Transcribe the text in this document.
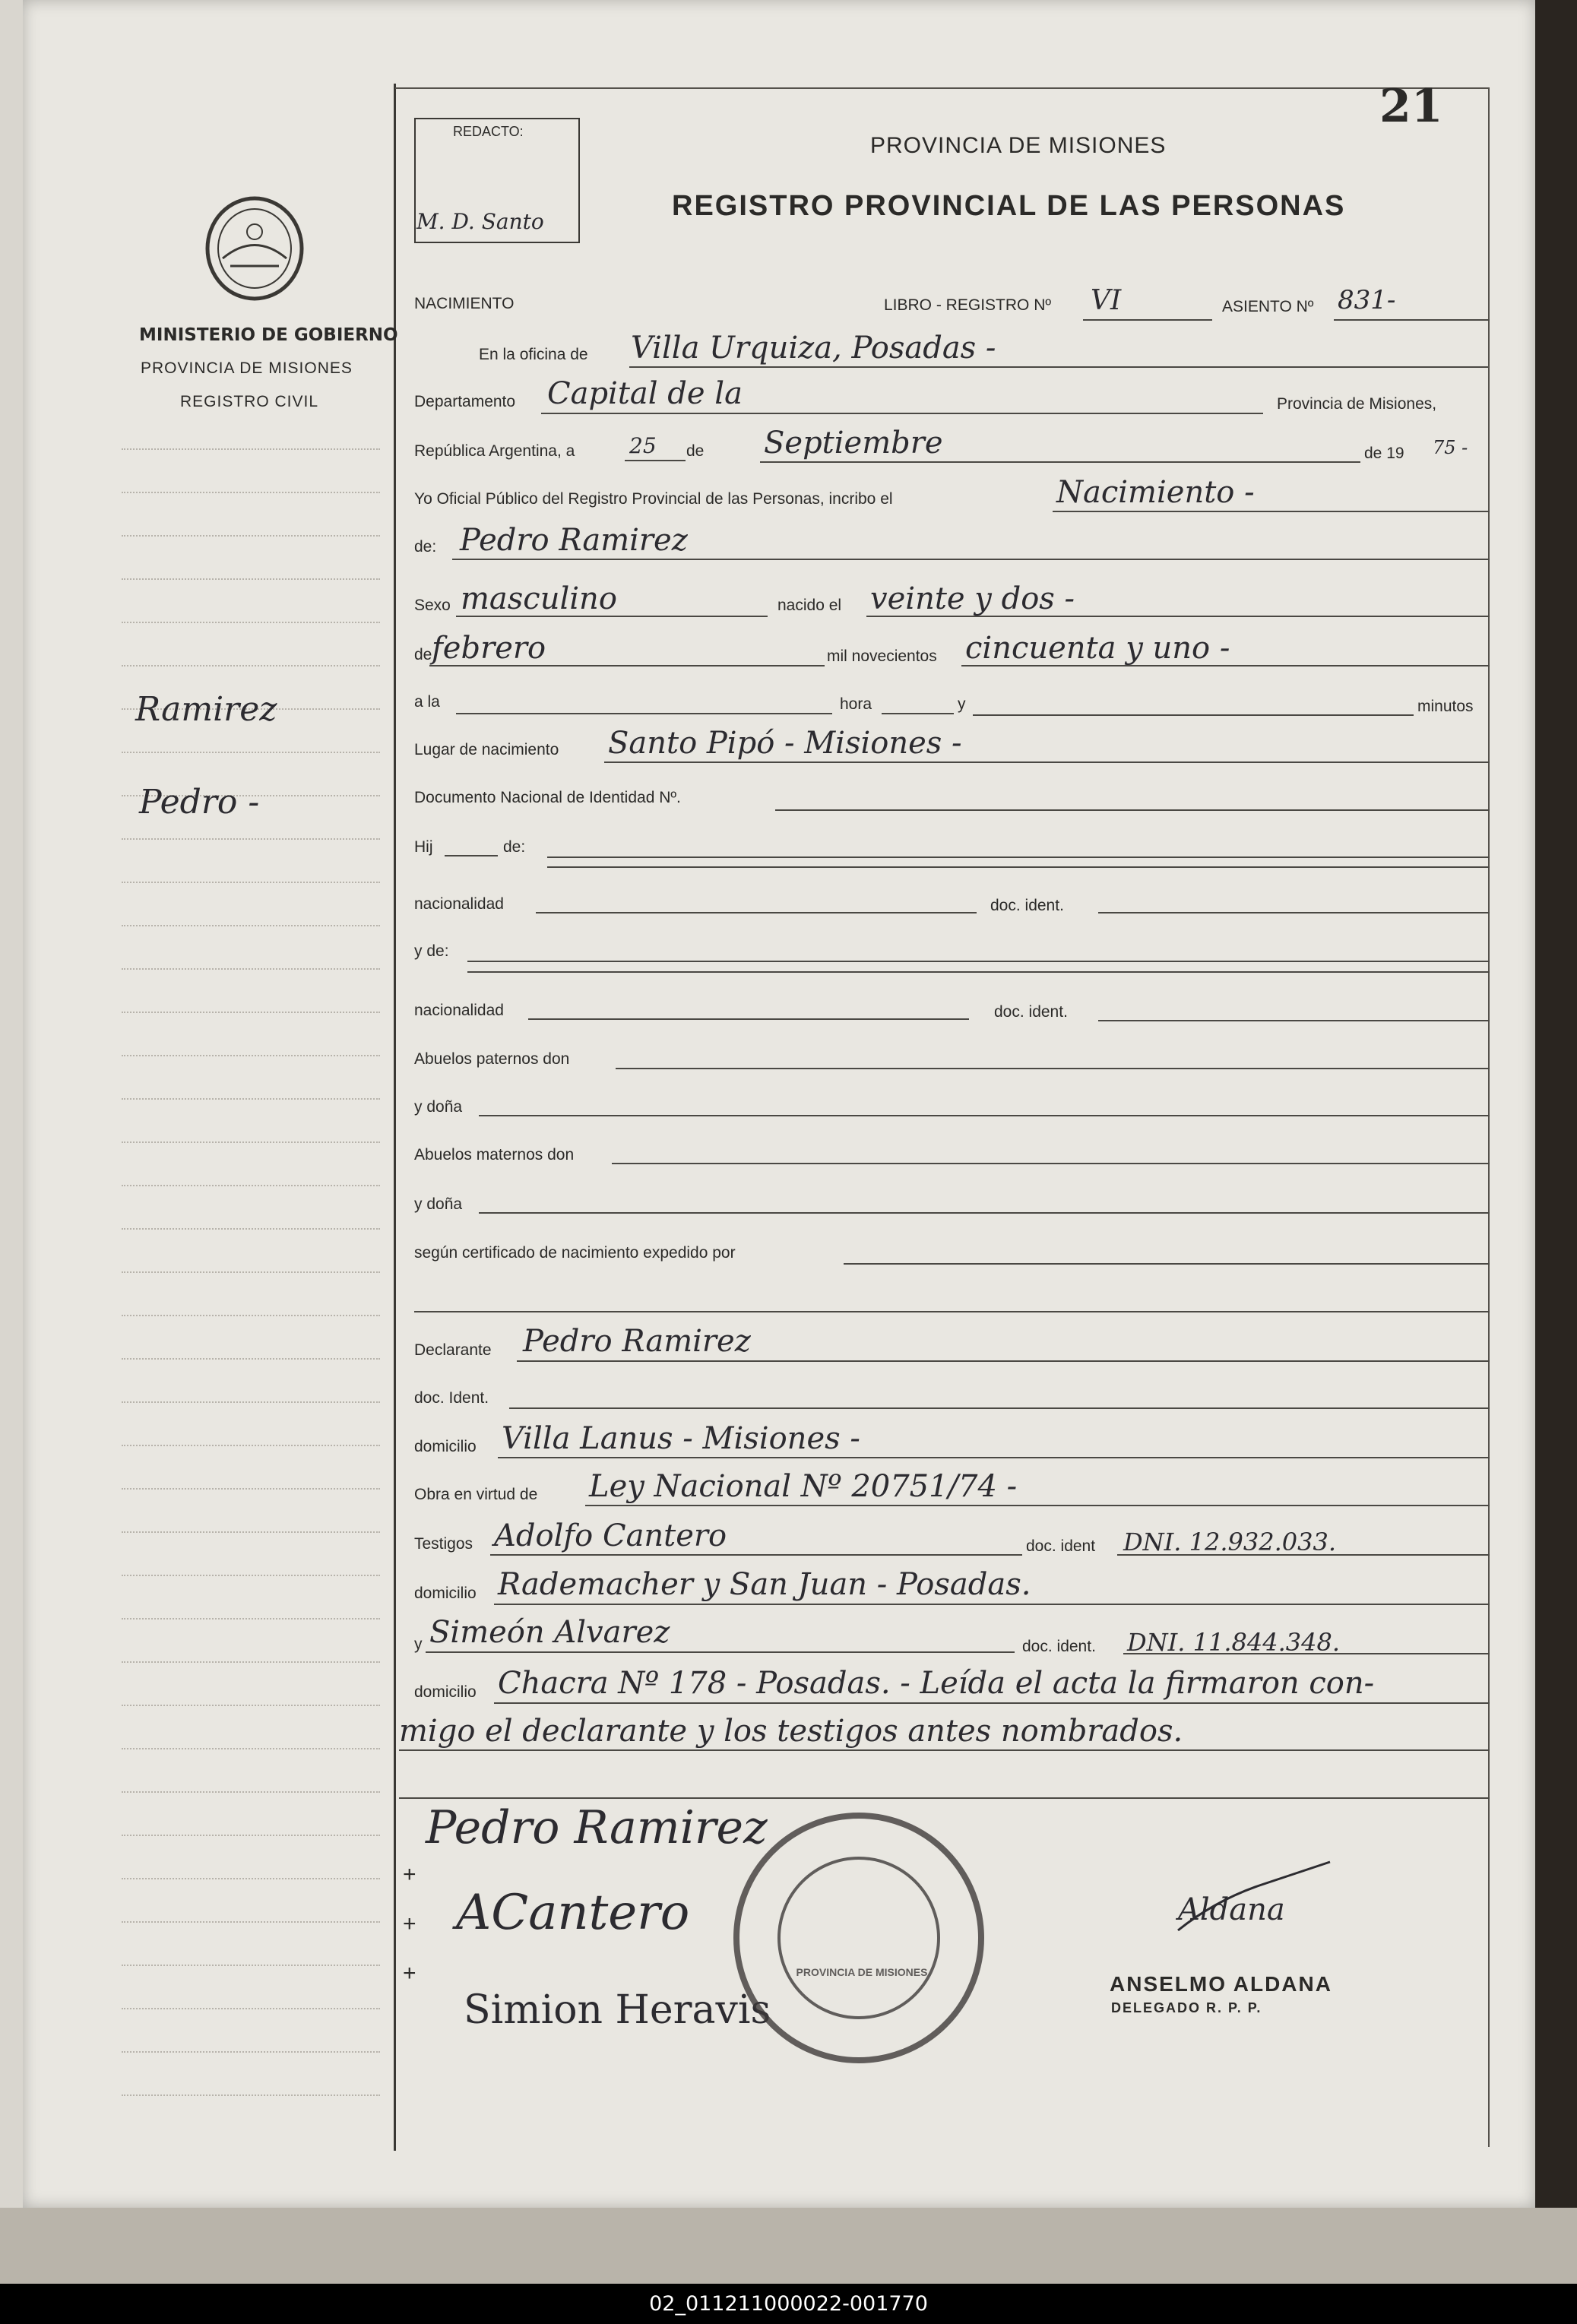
21
MINISTERIO DE GOBIERNO
PROVINCIA DE MISIONES
REGISTRO CIVIL
Ramirez
Pedro -
REDACTO:
M. D. Santo
PROVINCIA DE MISIONES
REGISTRO PROVINCIAL DE LAS PERSONAS
NACIMIENTO	LIBRO - REGISTRO Nº VI	ASIENTO Nº 831-
En la oficina de Villa Urquiza, Posadas -
Departamento Capital de la	Provincia de Misiones,
República Argentina, a	25 de Septiembre	de 19 75 -
Yo Oficial Público del Registro Provincial de las Personas, incribo el	Nacimiento -
de: Pedro Ramirez
Sexo masculino	nacido el veinte y dos -
de febrero	mil novecientos cincuenta y uno -
a la	hora	y	minutos
Lugar de nacimiento Santo Pipó - Misiones -
Documento Nacional de Identidad Nº.
Hij	de:
nacionalidad	doc. ident.
y de:
nacionalidad	doc. ident.
Abuelos paternos don
y doña
Abuelos maternos don
y doña
según certificado de nacimiento expedido por
Declarante Pedro Ramirez
doc. Ident.
domicilio Villa Lanus - Misiones -
Obra en virtud de Ley Nacional Nº 20751/74 -
Testigos Adolfo Cantero	doc. ident DNI. 12.932.033.
domicilio Rademacher y San Juan - Posadas.
y Simeón Alvarez	doc. ident. DNI. 11.844.348.
domicilio Chacra Nº 178 - Posadas. - Leída el acta la firmaron con-
migo el declarante y los testigos antes nombrados.
Pedro Ramirez
+
+
+
ACantero
Simion Heravis
PROVINCIA DE MISIONES
Aldana
ANSELMO ALDANA
DELEGADO R. P. P.
02_011211000022-001770
